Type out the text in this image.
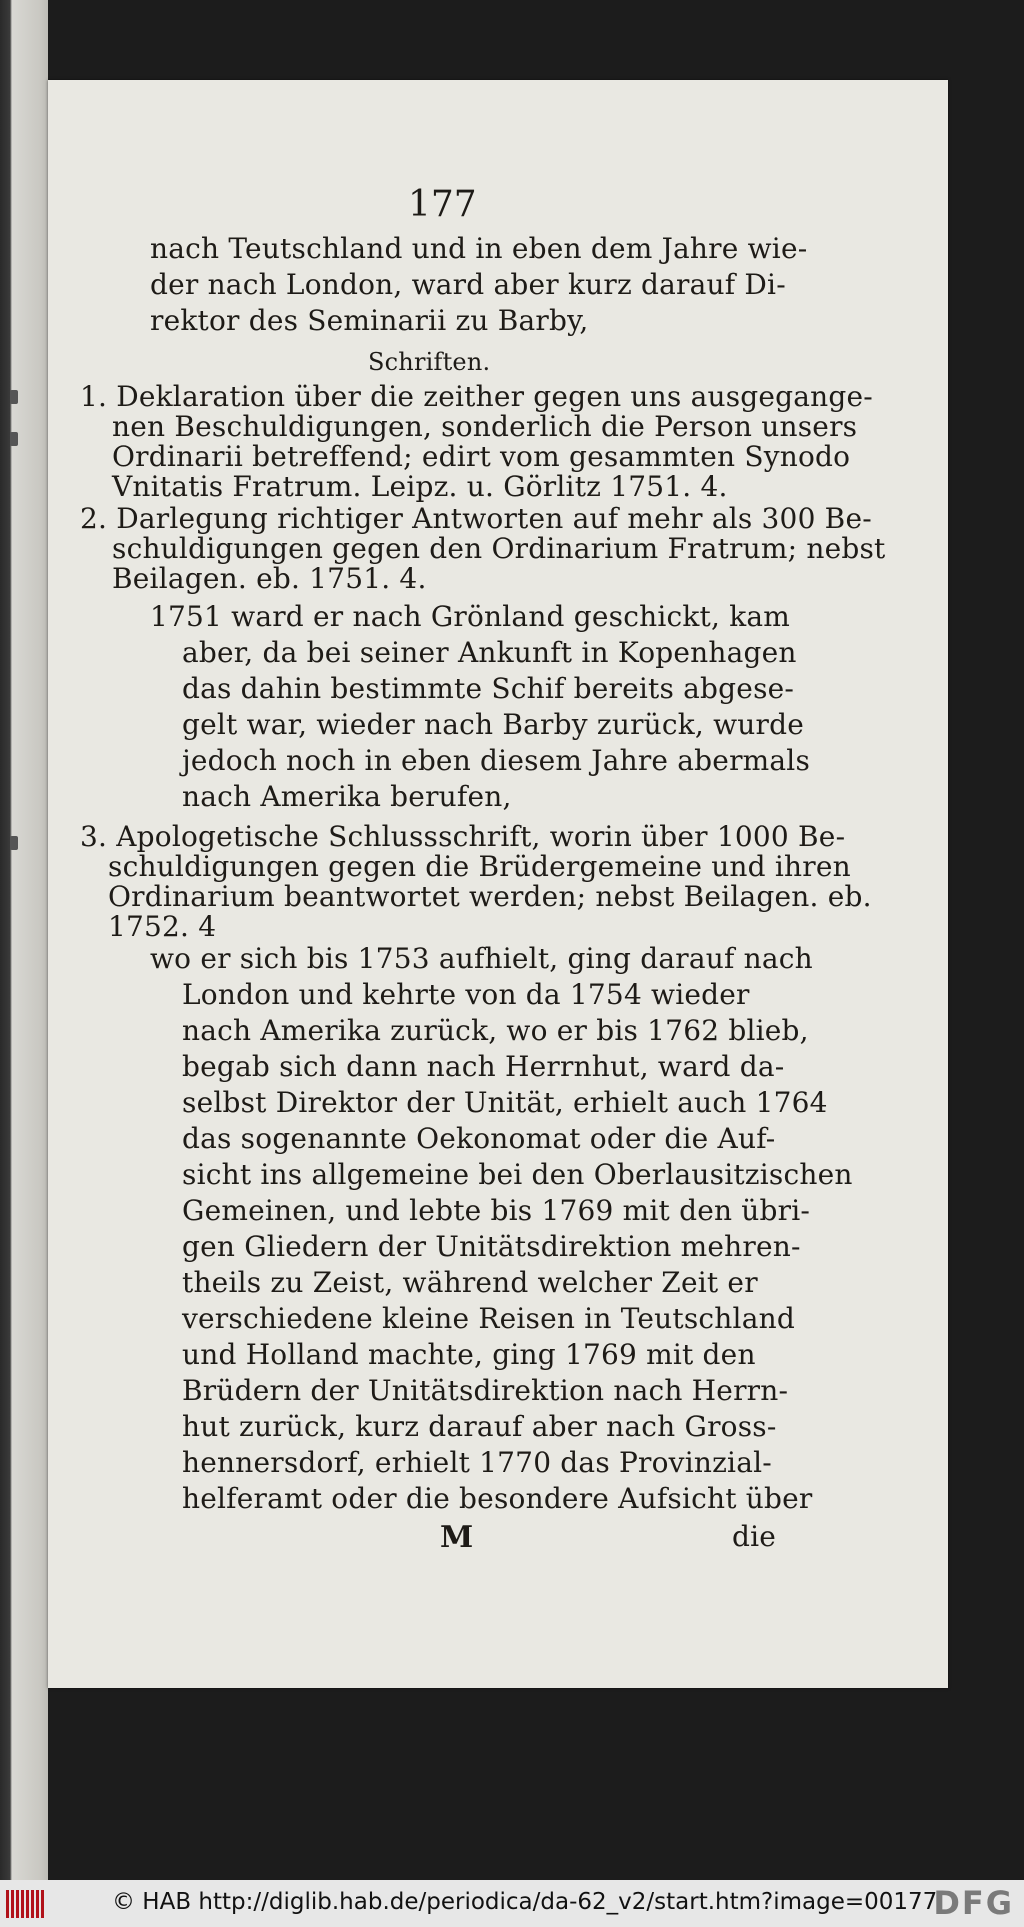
177
nach Teutschland und in eben dem Jahre wie-
der nach London, ward aber kurz darauf Di-
rektor des Seminarii zu Barby,
Schriften.
1. Deklaration über die zeither gegen uns ausgegange-
nen Beschuldigungen, sonderlich die Person unsers
Ordinarii betreffend; edirt vom gesammten Synodo
Vnitatis Fratrum. Leipz. u. Görlitz 1751. 4.
2. Darlegung richtiger Antworten auf mehr als 300 Be-
schuldigungen gegen den Ordinarium Fratrum; nebst
Beilagen. eb. 1751. 4.
1751 ward er nach Grönland geschickt, kam
aber, da bei seiner Ankunft in Kopenhagen
das dahin bestimmte Schif bereits abgese-
gelt war, wieder nach Barby zurück, wurde
jedoch noch in eben diesem Jahre abermals
nach Amerika berufen,
3. Apologetische Schlussschrift, worin über 1000 Be-
schuldigungen gegen die Brüdergemeine und ihren
Ordinarium beantwortet werden; nebst Beilagen. eb.
1752. 4
wo er sich bis 1753 aufhielt, ging darauf nach
London und kehrte von da 1754 wieder
nach Amerika zurück, wo er bis 1762 blieb,
begab sich dann nach Herrnhut, ward da-
selbst Direktor der Unität, erhielt auch 1764
das sogenannte Oekonomat oder die Auf-
sicht ins allgemeine bei den Oberlausitzischen
Gemeinen, und lebte bis 1769 mit den übri-
gen Gliedern der Unitätsdirektion mehren-
theils zu Zeist, während welcher Zeit er
verschiedene kleine Reisen in Teutschland
und Holland machte, ging 1769 mit den
Brüdern der Unitätsdirektion nach Herrn-
hut zurück, kurz darauf aber nach Gross-
hennersdorf, erhielt 1770 das Provinzial-
helferamt oder die besondere Aufsicht über
M	die
© HAB http://diglib.hab.de/periodica/da-62_v2/start.htm?image=00177
DFG
